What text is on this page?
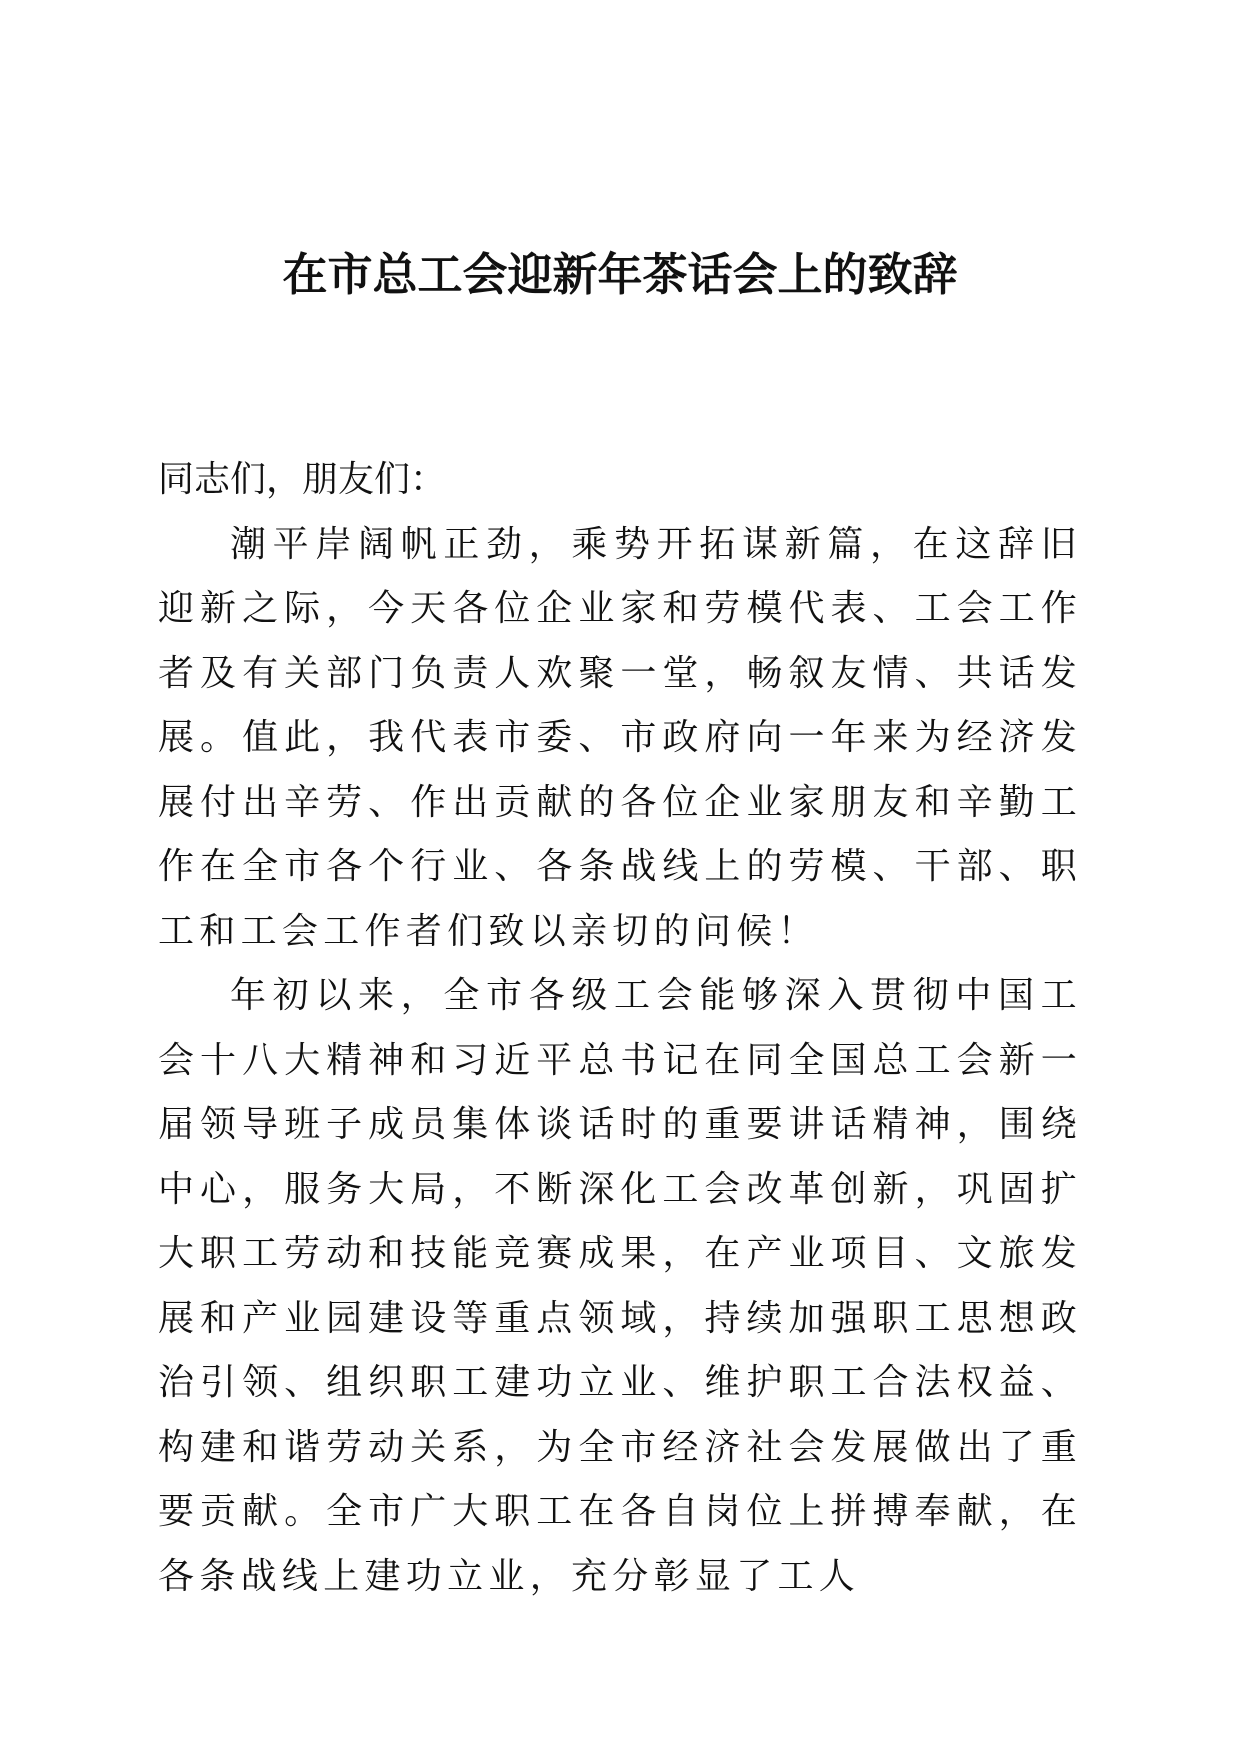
在市总工会迎新年茶话会上的致辞

同志们，朋友们：

潮平岸阔帆正劲，乘势开拓谋新篇，在这辞旧迎新之际，今天各位企业家和劳模代表、工会工作者及有关部门负责人欢聚一堂，畅叙友情、共话发展。值此，我代表市委、市政府向一年来为经济发展付出辛劳、作出贡献的各位企业家朋友和辛勤工作在全市各个行业、各条战线上的劳模、干部、职工和工会工作者们致以亲切的问候！

年初以来，全市各级工会能够深入贯彻中国工会十八大精神和习近平总书记在同全国总工会新一届领导班子成员集体谈话时的重要讲话精神，围绕中心，服务大局，不断深化工会改革创新，巩固扩大职工劳动和技能竞赛成果，在产业项目、文旅发展和产业园建设等重点领域，持续加强职工思想政治引领、组织职工建功立业、维护职工合法权益、构建和谐劳动关系，为全市经济社会发展做出了重要贡献。全市广大职工在各自岗位上拼搏奉献，在各条战线上建功立业，充分彰显了工人
